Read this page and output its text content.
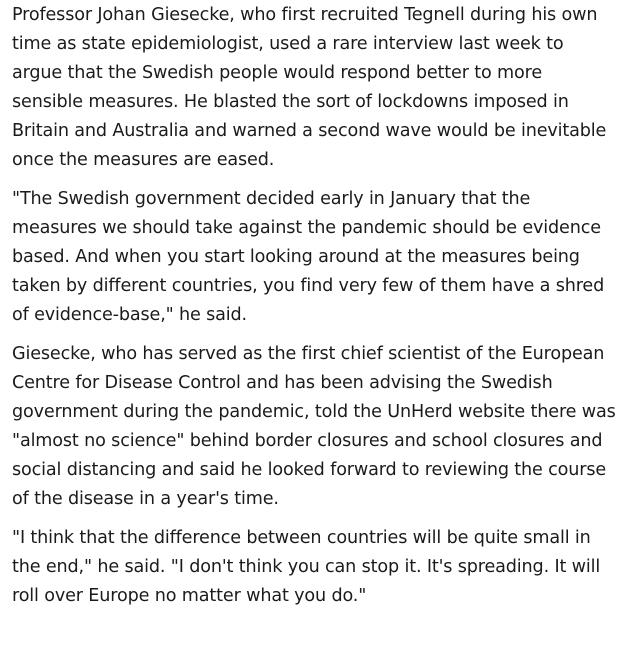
Professor Johan Giesecke, who first recruited Tegnell during his own time as state epidemiologist, used a rare interview last week to argue that the Swedish people would respond better to more sensible measures. He blasted the sort of lockdowns imposed in Britain and Australia and warned a second wave would be inevitable once the measures are eased.

"The Swedish government decided early in January that the measures we should take against the pandemic should be evidence based. And when you start looking around at the measures being taken by different countries, you find very few of them have a shred of evidence-base," he said.

Giesecke, who has served as the first chief scientist of the European Centre for Disease Control and has been advising the Swedish government during the pandemic, told the UnHerd website there was "almost no science" behind border closures and school closures and social distancing and said he looked forward to reviewing the course of the disease in a year's time.

"I think that the difference between countries will be quite small in the end," he said. "I don't think you can stop it. It's spreading. It will roll over Europe no matter what you do."
